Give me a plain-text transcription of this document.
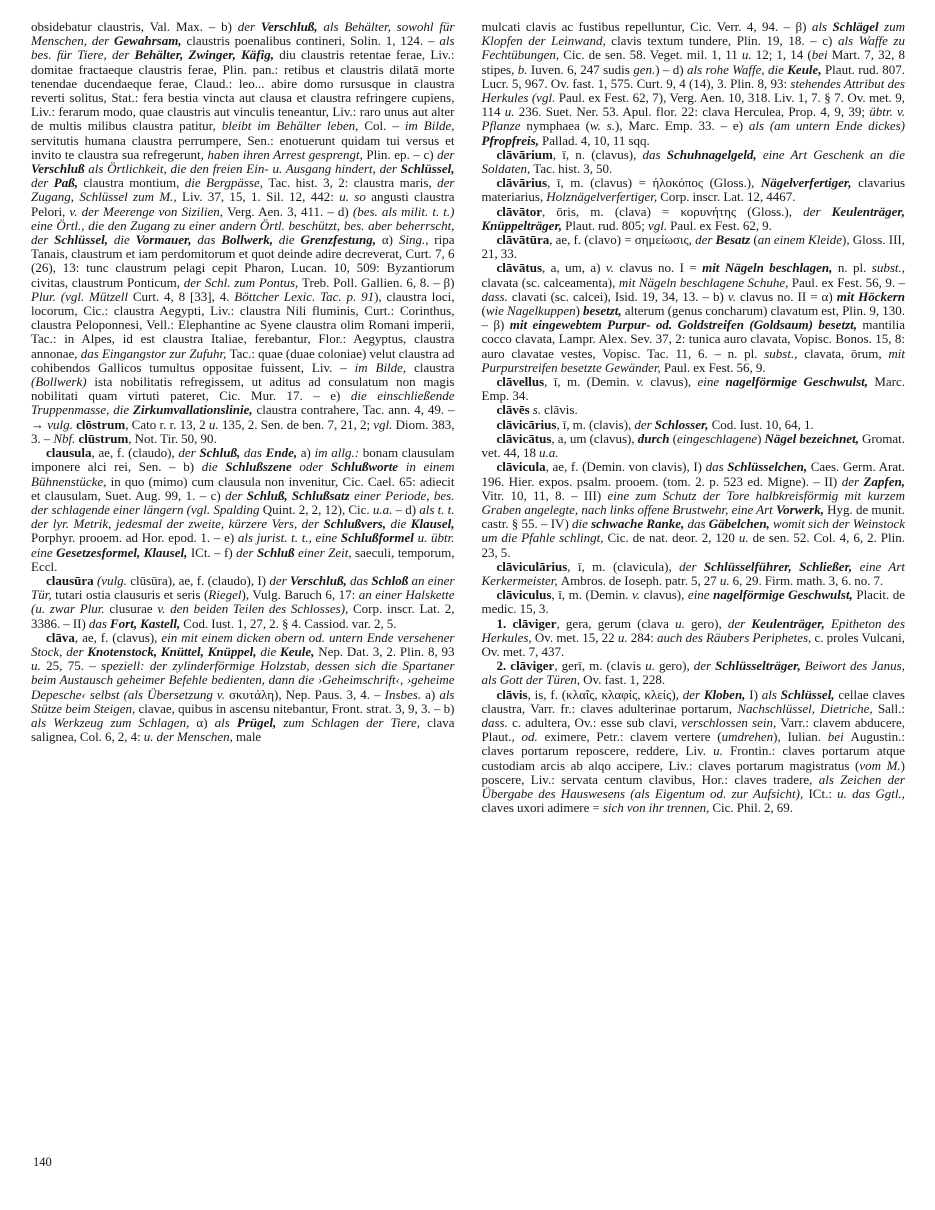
obsidebatur claustris, Val. Max. – b) der Verschluß, als Behälter, sowohl für Menschen, der Gewahrsam, claustris poenalibus contineri, Solin. 1, 124. – als bes. für Tiere, der Behälter, Zwinger, Käfig, diu claustris retentae ferae, Liv.: domitae fractaeque claustris ferae, Plin. pan.: retibus et claustris dilatā morte tenendae ducendaeque ferae, Claud.: leo... abire domo rursusque in claustra reverti solitus, Stat.: fera bestia vincta aut clausa et claustra refringere cupiens, Liv.: ferarum modo, quae claustris aut vinculis teneantur, Liv.: raro unus aut alter de multis milibus claustra patitur, bleibt im Behälter leben, Col. – im Bilde, servitutis humana claustra perrumpere, Sen.: enotuerunt quidam tui versus et invito te claustra sua refregerunt, haben ihren Arrest gesprengt, Plin. ep. – c) der Verschluß als Örtlichkeit, die den freien Ein- u. Ausgang hindert, der Schlüssel, der Paß, claustra montium, die Bergpässe, Tac. hist. 3, 2: claustra maris, der Zugang, Schlüssel zum M., Liv. 37, 15, 1. Sil. 12, 442: u. so angusti claustra Pelori, v. der Meerenge von Sizilien, Verg. Aen. 3, 411. – d) (bes. als milit. t. t.) eine Örtl., die den Zugang zu einer andern Örtl. beschützt, bes. aber beherrscht, der Schlüssel, die Vormauer, das Bollwerk, die Grenzfestung, α) Sing., ripa Tanais, claustrum et iam perdomitorum et quot deinde adire decreverat, Curt. 7, 6 (26), 13: tunc claustrum pelagi cepit Pharon, Lucan. 10, 509: Byzantiorum civitas, claustrum Ponticum, der Schl. zum Pontus, Treb. Poll. Gallien. 6, 8. – β) Plur. (vgl. Mützell Curt. 4, 8 [33], 4. Böttcher Lexic. Tac. p. 91), claustra loci, locorum, Cic.: claustra Aegypti, Liv.: claustra Nili fluminis, Curt.: Corinthus, claustra Peloponnesi, Vell.: Elephantine ac Syene claustra olim Romani imperii, Tac.: in Alpes, id est claustra Italiae, ferebantur, Flor.: Aegyptus, claustra annonae, das Eingangstor zur Zufuhr, Tac.: quae (duae coloniae) velut claustra ad cohibendos Gallicos tumultus oppositae fuissent, Liv. – im Bilde, claustra (Bollwerk) ista nobilitatis refregissem, ut aditus ad consulatum non magis nobilitati quam virtuti pateret, Cic. Mur. 17. – e) die einschließende Truppenmasse, die Zirkumvallationslinie, claustra contrahere, Tac. ann. 4, 49. – → vulg. clōstrum, Cato r. r. 13, 2 u. 135, 2. Sen. de ben. 7, 21, 2; vgl. Diom. 383, 3. – Nbf. clūstrum, Not. Tir. 50, 90.

clausula, ae, f. (claudo), der Schluß, das Ende, a) im allg.: bonam clausulam imponere alci rei, Sen. – b) die Schlußszene oder Schlußworte in einem Bühnenstücke, in quo (mimo) cum clausula non invenitur, Cic. Cael. 65: adiecit et clausulam, Suet. Aug. 99, 1. – c) der Schluß, Schlußsatz einer Periode, bes. der schlagende einer längern (vgl. Spalding Quint. 2, 2, 12), Cic. u.a. – d) als t. t. der lyr. Metrik, jedesmal der zweite, kürzere Vers, der Schlußvers, die Klausel, Porphyr. prooem. ad Hor. epod. 1. – e) als jurist. t. t., eine Schlußformel u. übtr. eine Gesetzesformel, Klausel, ICt. – f) der Schluß einer Zeit, saeculi, temporum, Eccl.

clausūra (vulg. clūsūra), ae, f. (claudo), I) der Verschluß, das Schloß an einer Tür, tutari ostia clausuris et seris (Riegel), Vulg. Baruch 6, 17: an einer Halskette (u. zwar Plur. clusurae v. den beiden Teilen des Schlosses), Corp. inscr. Lat. 2, 3386. – II) das Fort, Kastell, Cod. Iust. 1, 27, 2. § 4. Cassiod. var. 2, 5.

clāva, ae, f. (clavus), ein mit einem dicken obern od. untern Ende versehener Stock, der Knotenstock, Knüttel, Knüppel, die Keule, Nep. Dat. 3, 2. Plin. 8, 93 u. 25, 75. – speziell: der zylinderförmige Holzstab, dessen sich die Spartaner beim Austausch geheimer Befehle bedienten, dann die ›Geheimschrift‹, ›geheime Depesche‹ selbst (als Übersetzung v. σκυτάλη), Nep. Paus. 3, 4. – Insbes. a) als Stütze beim Steigen, clavae, quibus in ascensu nitebantur, Front. strat. 3, 9, 3. – b) als Werkzeug zum Schlagen, α) als Prügel, zum Schlagen der Tiere, clava salignea, Col. 6, 2, 4: u. der Menschen, male

mulcati clavis ac fustibus repelluntur, Cic. Verr. 4, 94. – β) als Schlägel zum Klopfen der Leinwand, clavis textum tundere, Plin. 19, 18. – c) als Waffe zu Fechtübungen, Cic. de sen. 58. Veget. mil. 1, 11 u. 12; 1, 14 (bei Mart. 7, 32, 8 stipes, b. Iuven. 6, 247 sudis gen.) – d) als rohe Waffe, die Keule, Plaut. rud. 807. Lucr. 5, 967. Ov. fast. 1, 575. Curt. 9, 4 (14), 3. Plin. 8, 93: stehendes Attribut des Herkules (vgl. Paul. ex Fest. 62, 7), Verg. Aen. 10, 318. Liv. 1, 7. § 7. Ov. met. 9, 114 u. 236. Suet. Ner. 53. Apul. flor. 22: clava Herculea, Prop. 4, 9, 39; übtr. v. Pflanze nymphaea (w. s.), Marc. Emp. 33. – e) als (am untern Ende dickes) Pfropfreis, Pallad. 4, 10, 11 sqq.

clāvārium, ī, n. (clavus), das Schuhnagelgeld, eine Art Geschenk an die Soldaten, Tac. hist. 3, 50.

clāvārius, ī, m. (clavus) = ἡλοκόπος (Gloss.), Nägelverfertiger, clavarius materiarius, Holznägelverfertiger, Corp. inscr. Lat. 12, 4467.

clāvātor, ōris, m. (clava) = κορυνήτης (Gloss.), der Keulenträger, Knüppelträger, Plaut. rud. 805; vgl. Paul. ex Fest. 62, 9.

clāvātūra, ae, f. (clavo) = σημείωσις, der Besatz (an einem Kleide), Gloss. III, 21, 33.

clāvātus, a, um, a) v. clavus no. I = mit Nägeln beschlagen, n. pl. subst., clavata (sc. calceamenta), mit Nägeln beschlagene Schuhe, Paul. ex Fest. 56, 9. – dass. clavati (sc. calcei), Isid. 19, 34, 13. – b) v. clavus no. II = α) mit Höckern (wie Nagelkuppen) besetzt, alterum (genus concharum) clavatum est, Plin. 9, 130. – β) mit eingewebtem Purpur- od. Goldstreifen (Goldsaum) besetzt, mantilia cocco clavata, Lampr. Alex. Sev. 37, 2: tunica auro clavata, Vopisc. Bonos. 15, 8: auro clavatae vestes, Vopisc. Tac. 11, 6. – n. pl. subst., clavata, ōrum, mit Purpurstreifen besetzte Gewänder, Paul. ex Fest. 56, 9.

clāvellus, ī, m. (Demin. v. clavus), eine nagelförmige Geschwulst, Marc. Emp. 34.

clāvēs s. clāvis.

clāvicārius, ī, m. (clavis), der Schlosser, Cod. Iust. 10, 64, 1.

clāvicātus, a, um (clavus), durch (eingeschlagene) Nägel bezeichnet, Gromat. vet. 44, 18 u.a.

clāvicula, ae, f. (Demin. von clavis), I) das Schlüsselchen, Caes. Germ. Arat. 196. Hier. expos. psalm. prooem. (tom. 2. p. 523 ed. Migne). – II) der Zapfen, Vitr. 10, 11, 8. – III) eine zum Schutz der Tore halbkreisförmig mit kurzem Graben angelegte, nach links offene Brustwehr, eine Art Vorwerk, Hyg. de munit. castr. § 55. – IV) die schwache Ranke, das Gäbelchen, womit sich der Weinstock um die Pfahle schlingt, Cic. de nat. deor. 2, 120 u. de sen. 52. Col. 4, 6, 2. Plin. 23, 5.

clāviculārius, ī, m. (clavicula), der Schlüsselführer, Schließer, eine Art Kerkermeister, Ambros. de Ioseph. patr. 5, 27 u. 6, 29. Firm. math. 3, 6. no. 7.

clāviculus, ī, m. (Demin. v. clavus), eine nagelförmige Geschwulst, Placit. de medic. 15, 3.

1. clāviger, gera, gerum (clava u. gero), der Keulenträger, Epitheton des Herkules, Ov. met. 15, 22 u. 284: auch des Räubers Periphetes, c. proles Vulcani, Ov. met. 7, 437.

2. clāviger, gerī, m. (clavis u. gero), der Schlüsselträger, Beiwort des Janus, als Gott der Türen, Ov. fast. 1, 228.

clāvis, is, f. (κλαΐς, κλαφίς, κλείς), der Kloben, I) als Schlüssel, cellae claves claustra, Varr. fr.: claves adulterinae portarum, Nachschlüssel, Dietriche, Sall.: dass. c. adultera, Ov.: esse sub clavi, verschlossen sein, Varr.: clavem abducere, Plaut., od. eximere, Petr.: clavem vertere (umdrehen), Iulian. bei Augustin.: claves portarum reposcere, reddere, Liv. u. Frontin.: claves portarum atque custodiam arcis ab alqo accipere, Liv.: claves portarum magistratus (vom M.) poscere, Liv.: servata centum clavibus, Hor.: claves tradere, als Zeichen der Übergabe des Hauswesens (als Eigentum od. zur Aufsicht), ICt.: u. das Ggtl., claves uxori adimere = sich von ihr trennen, Cic. Phil. 2, 69.

140
